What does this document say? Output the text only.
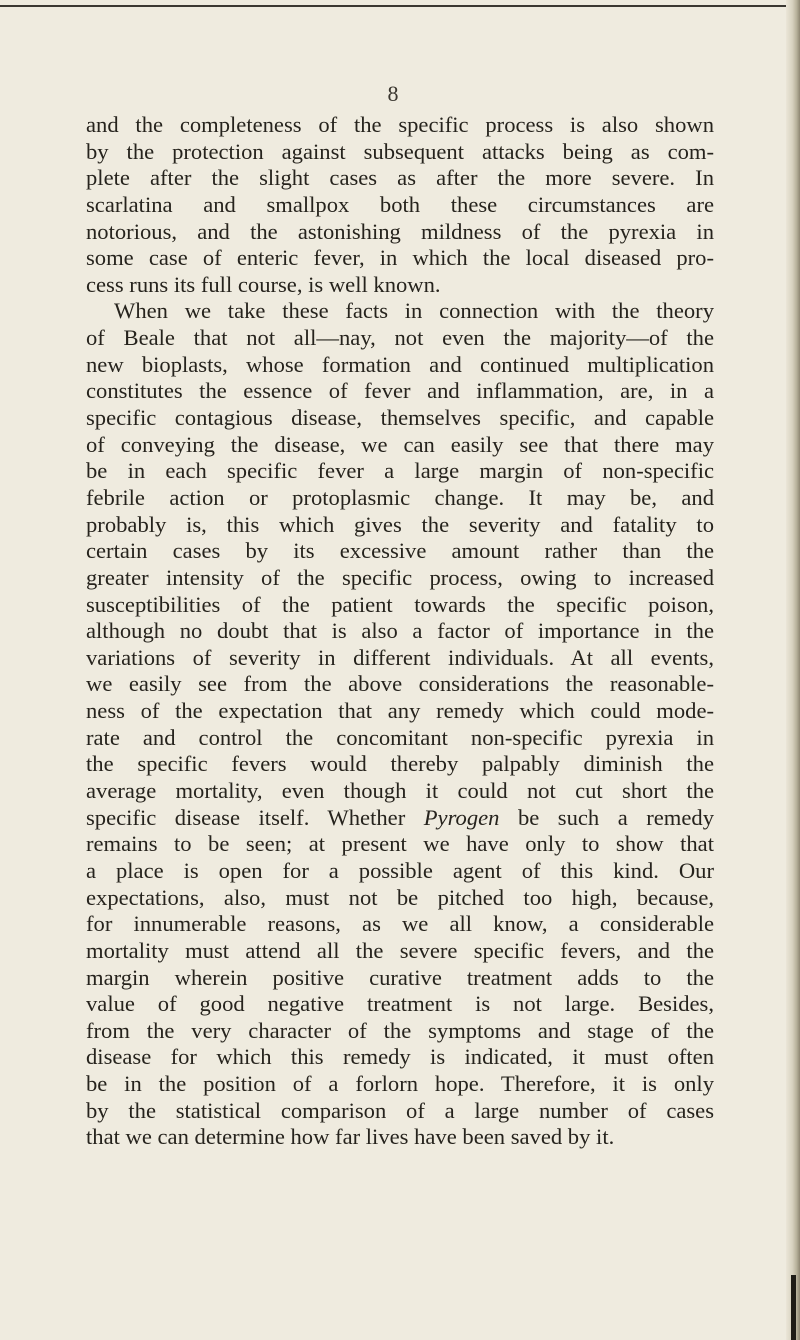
8
and the completeness of the specific process is also shown
by the protection against subsequent attacks being as com-
plete after the slight cases as after the more severe. In
scarlatina and smallpox both these circumstances are
notorious, and the astonishing mildness of the pyrexia in
some case of enteric fever, in which the local diseased pro-
cess runs its full course, is well known.
When we take these facts in connection with the theory
of Beale that not all—nay, not even the majority—of the
new bioplasts, whose formation and continued multiplication
constitutes the essence of fever and inflammation, are, in a
specific contagious disease, themselves specific, and capable
of conveying the disease, we can easily see that there may
be in each specific fever a large margin of non-specific
febrile action or protoplasmic change. It may be, and
probably is, this which gives the severity and fatality to
certain cases by its excessive amount rather than the
greater intensity of the specific process, owing to increased
susceptibilities of the patient towards the specific poison,
although no doubt that is also a factor of importance in the
variations of severity in different individuals. At all events,
we easily see from the above considerations the reasonable-
ness of the expectation that any remedy which could mode-
rate and control the concomitant non-specific pyrexia in
the specific fevers would thereby palpably diminish the
average mortality, even though it could not cut short the
specific disease itself. Whether Pyrogen be such a remedy
remains to be seen; at present we have only to show that
a place is open for a possible agent of this kind. Our
expectations, also, must not be pitched too high, because,
for innumerable reasons, as we all know, a considerable
mortality must attend all the severe specific fevers, and the
margin wherein positive curative treatment adds to the
value of good negative treatment is not large. Besides,
from the very character of the symptoms and stage of the
disease for which this remedy is indicated, it must often
be in the position of a forlorn hope. Therefore, it is only
by the statistical comparison of a large number of cases
that we can determine how far lives have been saved by it.
